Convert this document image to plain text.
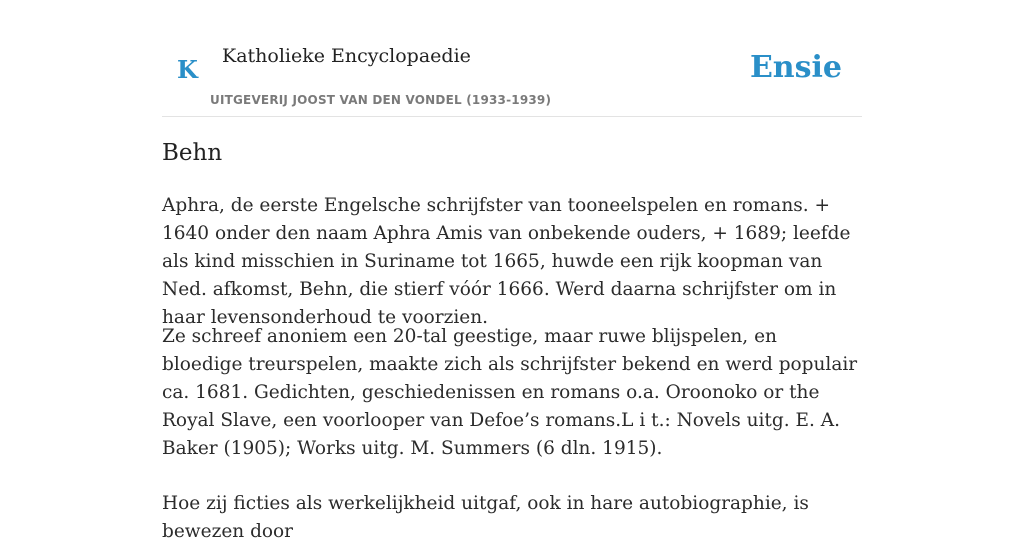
K Katholieke Encyclopaedie
UITGEVERIJ JOOST VAN DEN VONDEL (1933-1939)
Ensie
Behn

Aphra, de eerste Engelsche schrijfster van tooneelspelen en romans. + 1640 onder den naam Aphra Amis van onbekende ouders, + 1689; leefde als kind misschien in Suriname tot 1665, huwde een rijk koopman van Ned. afkomst, Behn, die stierf vóór 1666. Werd daarna schrijfster om in haar levensonderhoud te voorzien.

Ze schreef anoniem een 20-tal geestige, maar ruwe blijspelen, en bloedige treurspelen, maakte zich als schrijfster bekend en werd populair ca. 1681. Gedichten, geschiedenissen en romans o.a. Oroonoko or the Royal Slave, een voorlooper van Defoe’s romans.L i t.: Novels uitg. E. A. Baker (1905); Works uitg. M. Summers (6 dln. 1915).

Hoe zij ficties als werkelijkheid uitgaf, ook in hare autobiographie, is bewezen door
